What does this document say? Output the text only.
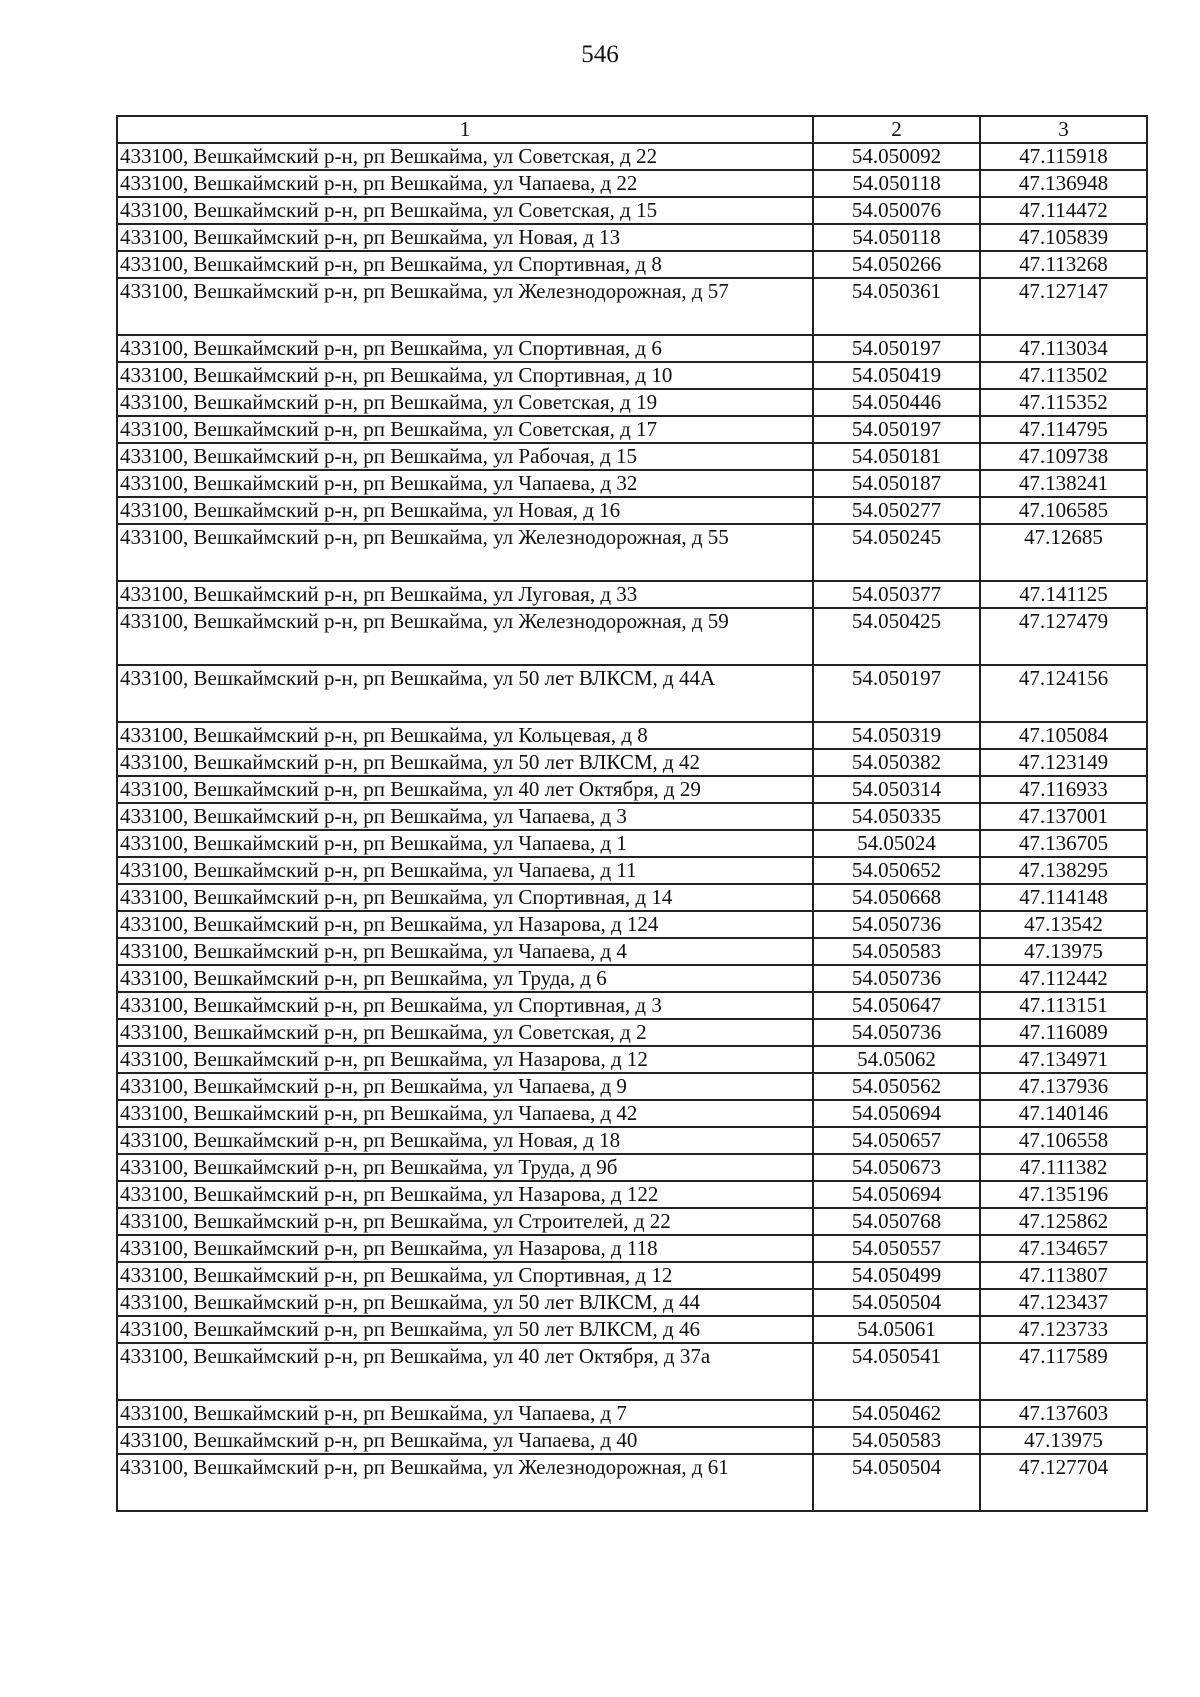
546
1	2	3
433100, Вешкаймский р-н, рп Вешкайма, ул Советская, д 22	54.050092	47.115918
433100, Вешкаймский р-н, рп Вешкайма, ул Чапаева, д 22	54.050118	47.136948
433100, Вешкаймский р-н, рп Вешкайма, ул Советская, д 15	54.050076	47.114472
433100, Вешкаймский р-н, рп Вешкайма, ул Новая, д 13	54.050118	47.105839
433100, Вешкаймский р-н, рп Вешкайма, ул Спортивная, д 8	54.050266	47.113268
433100, Вешкаймский р-н, рп Вешкайма, ул Железнодорожная, д 57	54.050361	47.127147
433100, Вешкаймский р-н, рп Вешкайма, ул Спортивная, д 6	54.050197	47.113034
433100, Вешкаймский р-н, рп Вешкайма, ул Спортивная, д 10	54.050419	47.113502
433100, Вешкаймский р-н, рп Вешкайма, ул Советская, д 19	54.050446	47.115352
433100, Вешкаймский р-н, рп Вешкайма, ул Советская, д 17	54.050197	47.114795
433100, Вешкаймский р-н, рп Вешкайма, ул Рабочая, д 15	54.050181	47.109738
433100, Вешкаймский р-н, рп Вешкайма, ул Чапаева, д 32	54.050187	47.138241
433100, Вешкаймский р-н, рп Вешкайма, ул Новая, д 16	54.050277	47.106585
433100, Вешкаймский р-н, рп Вешкайма, ул Железнодорожная, д 55	54.050245	47.12685
433100, Вешкаймский р-н, рп Вешкайма, ул Луговая, д 33	54.050377	47.141125
433100, Вешкаймский р-н, рп Вешкайма, ул Железнодорожная, д 59	54.050425	47.127479
433100, Вешкаймский р-н, рп Вешкайма, ул 50 лет ВЛКСМ, д 44А	54.050197	47.124156
433100, Вешкаймский р-н, рп Вешкайма, ул Кольцевая, д 8	54.050319	47.105084
433100, Вешкаймский р-н, рп Вешкайма, ул 50 лет ВЛКСМ, д 42	54.050382	47.123149
433100, Вешкаймский р-н, рп Вешкайма, ул 40 лет Октября, д 29	54.050314	47.116933
433100, Вешкаймский р-н, рп Вешкайма, ул Чапаева, д 3	54.050335	47.137001
433100, Вешкаймский р-н, рп Вешкайма, ул Чапаева, д 1	54.05024	47.136705
433100, Вешкаймский р-н, рп Вешкайма, ул Чапаева, д 11	54.050652	47.138295
433100, Вешкаймский р-н, рп Вешкайма, ул Спортивная, д 14	54.050668	47.114148
433100, Вешкаймский р-н, рп Вешкайма, ул Назарова, д 124	54.050736	47.13542
433100, Вешкаймский р-н, рп Вешкайма, ул Чапаева, д 4	54.050583	47.13975
433100, Вешкаймский р-н, рп Вешкайма, ул Труда, д 6	54.050736	47.112442
433100, Вешкаймский р-н, рп Вешкайма, ул Спортивная, д 3	54.050647	47.113151
433100, Вешкаймский р-н, рп Вешкайма, ул Советская, д 2	54.050736	47.116089
433100, Вешкаймский р-н, рп Вешкайма, ул Назарова, д 12	54.05062	47.134971
433100, Вешкаймский р-н, рп Вешкайма, ул Чапаева, д 9	54.050562	47.137936
433100, Вешкаймский р-н, рп Вешкайма, ул Чапаева, д 42	54.050694	47.140146
433100, Вешкаймский р-н, рп Вешкайма, ул Новая, д 18	54.050657	47.106558
433100, Вешкаймский р-н, рп Вешкайма, ул Труда, д 9б	54.050673	47.111382
433100, Вешкаймский р-н, рп Вешкайма, ул Назарова, д 122	54.050694	47.135196
433100, Вешкаймский р-н, рп Вешкайма, ул Строителей, д 22	54.050768	47.125862
433100, Вешкаймский р-н, рп Вешкайма, ул Назарова, д 118	54.050557	47.134657
433100, Вешкаймский р-н, рп Вешкайма, ул Спортивная, д 12	54.050499	47.113807
433100, Вешкаймский р-н, рп Вешкайма, ул 50 лет ВЛКСМ, д 44	54.050504	47.123437
433100, Вешкаймский р-н, рп Вешкайма, ул 50 лет ВЛКСМ, д 46	54.05061	47.123733
433100, Вешкаймский р-н, рп Вешкайма, ул 40 лет Октября, д 37а	54.050541	47.117589
433100, Вешкаймский р-н, рп Вешкайма, ул Чапаева, д 7	54.050462	47.137603
433100, Вешкаймский р-н, рп Вешкайма, ул Чапаева, д 40	54.050583	47.13975
433100, Вешкаймский р-н, рп Вешкайма, ул Железнодорожная, д 61	54.050504	47.127704
